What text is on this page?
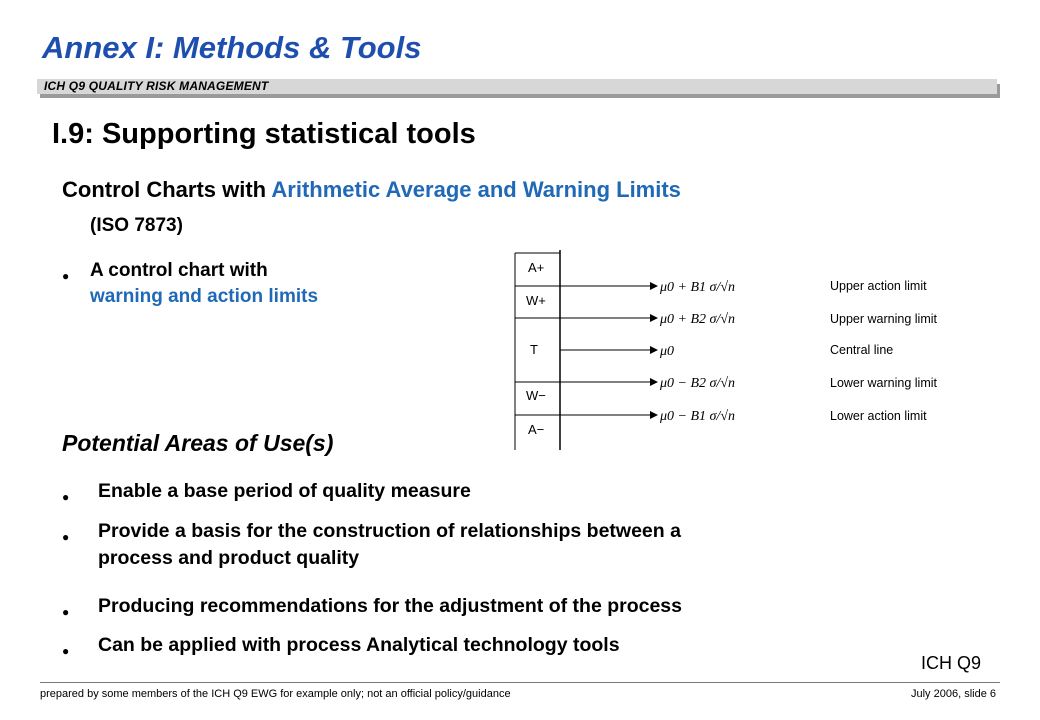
Annex I: Methods & Tools
ICH Q9 QUALITY RISK MANAGEMENT
I.9: Supporting statistical tools
Control Charts with Arithmetic Average and Warning Limits
(ISO 7873)
● A control chart with
warning and action limits
A+
W+
T
W−
A−
μ0 + B1 σ/√n
μ0 + B2 σ/√n
μ0
μ0 − B2 σ/√n
μ0 − B1 σ/√n
Upper action limit
Upper warning limit
Central line
Lower warning limit
Lower action limit
Potential Areas of Use(s)
● Enable a base period of quality measure
● Provide a basis for the construction of relationships between a
process and product quality
● Producing recommendations for the adjustment of the process
● Can be applied with process Analytical technology tools
ICH Q9
prepared by some members of the ICH Q9 EWG for example only; not an official policy/guidance	July 2006, slide 6
